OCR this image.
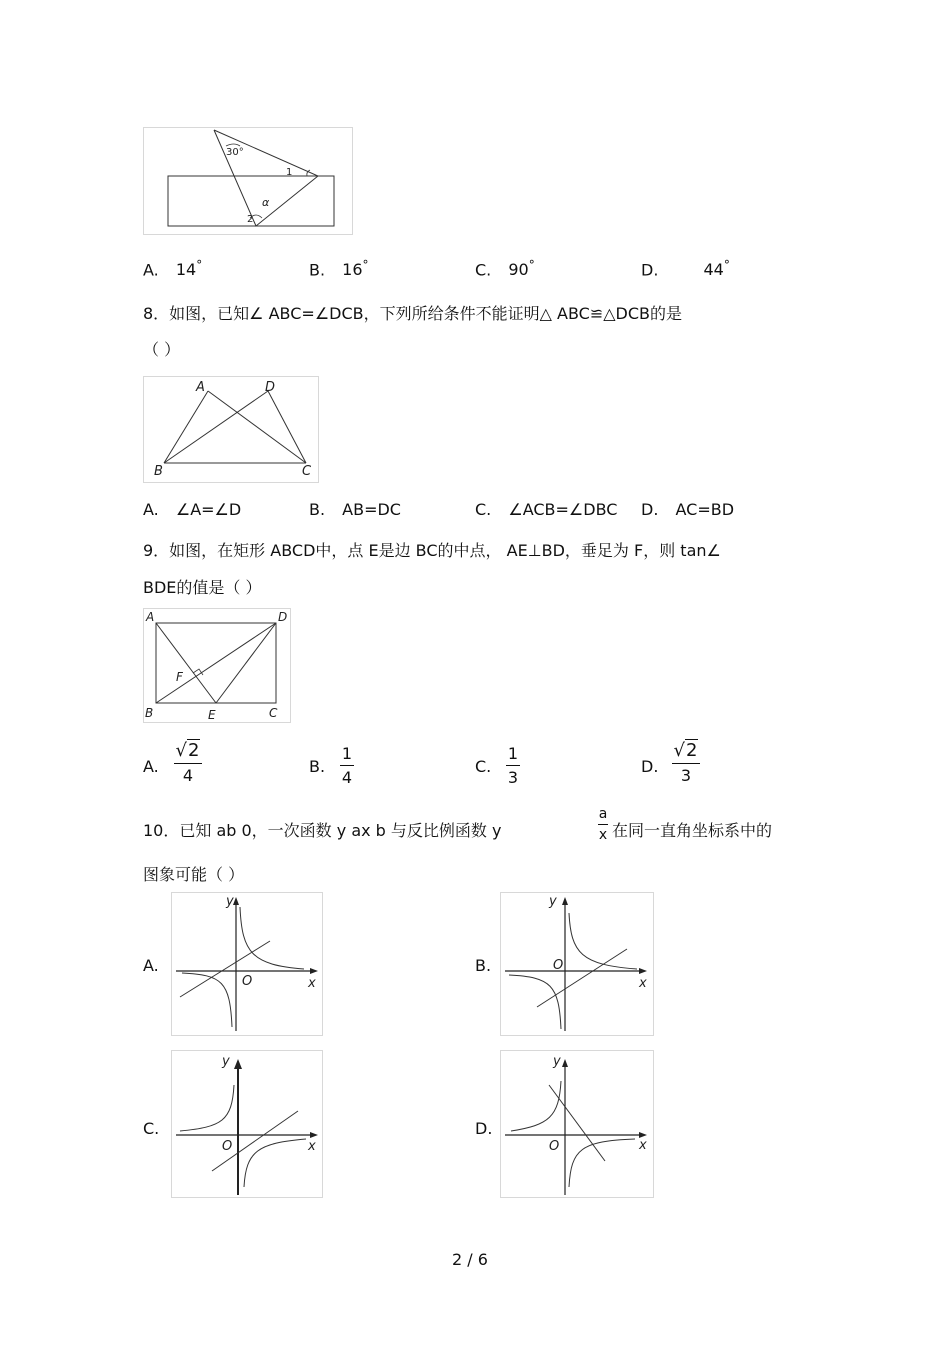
30°
1
2
α
A. 14°	B. 16°	C. 90°	D.	44°
8．如图，已知∠ ABC=∠DCB，下列所给条件不能证明△ ABC≌△DCB的是
（ ）
A	D
B	C
A. ∠A=∠D	B. AB=DC	C. ∠ACB=∠DBC D. AC=BD
9．如图，在矩形 ABCD中，点 E是边 BC的中点， AE⊥BD，垂足为 F，则 tan∠
BDE的值是（ ）
A	D
F
B	E	C
A.
√2
4	B.
1
4
C.
1
3
D.
√2
3
10．已知 ab 0，一次函数 y ax b 与反比例函数 y
a
x 在同一直角坐标系中的
图象可能（ ）
A.
y
x
O
B.
y
x
O
C.
y
x
O
D.
y
x
O
2 / 6
